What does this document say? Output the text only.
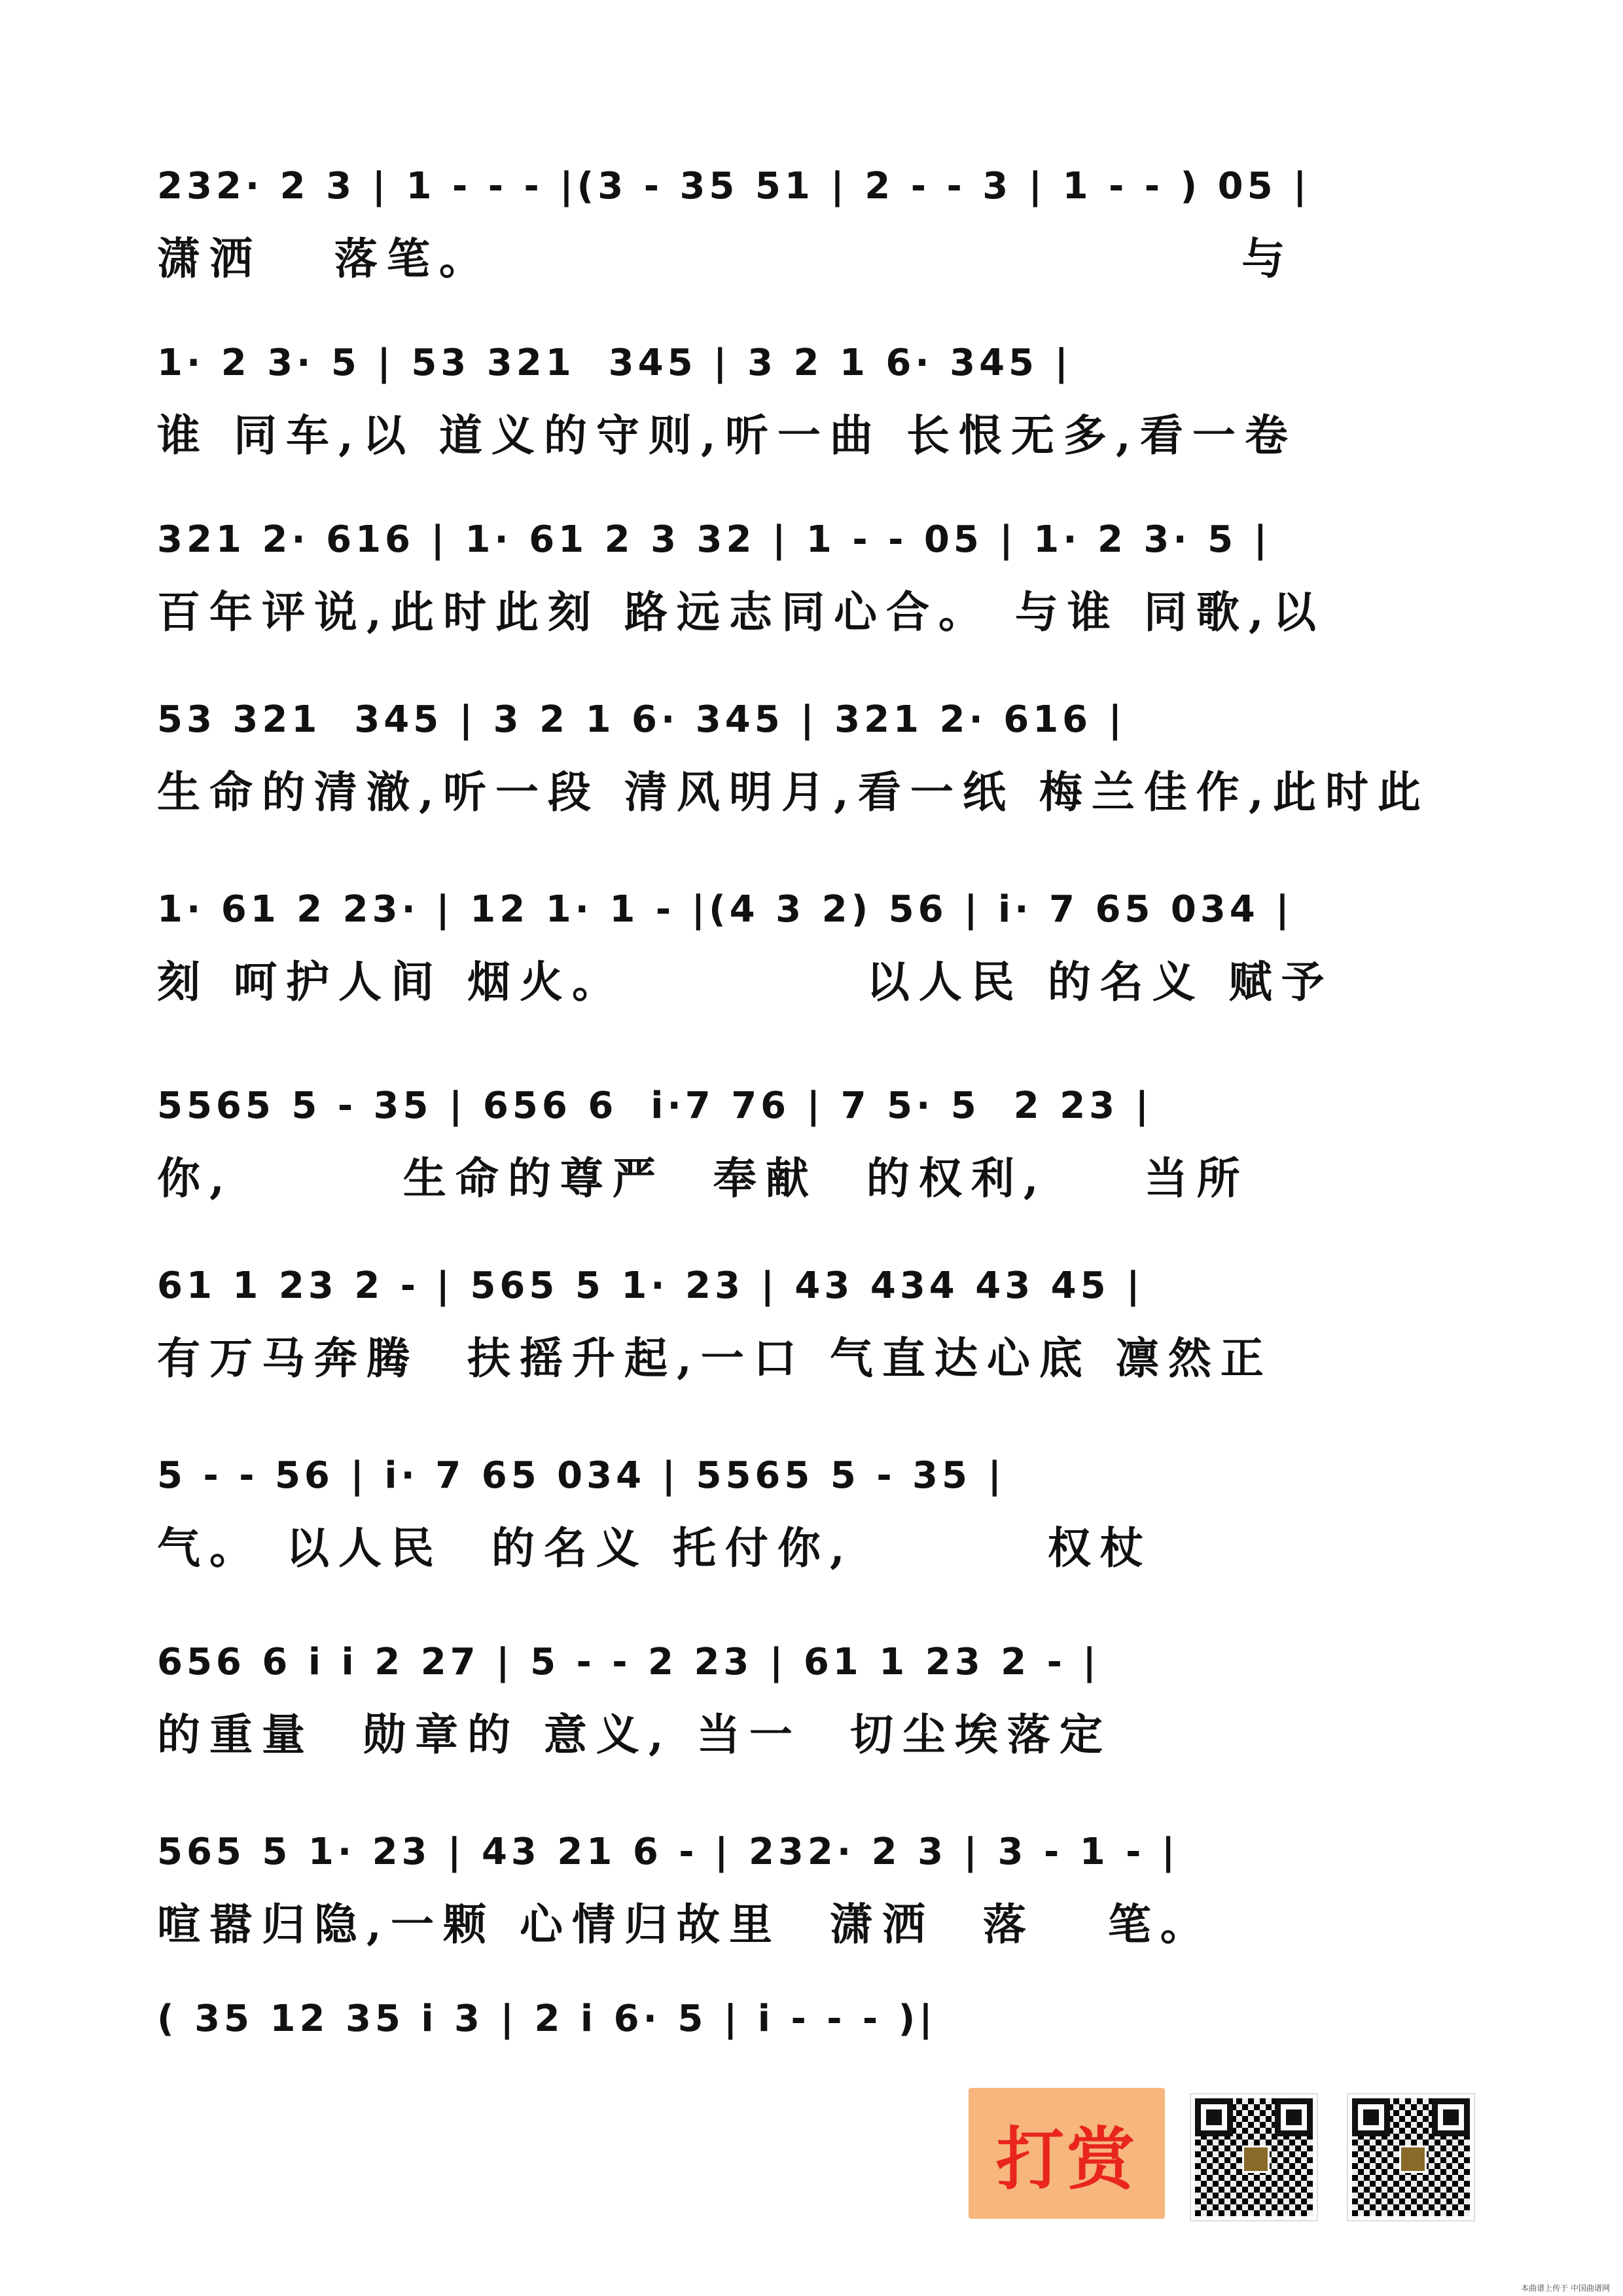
232· 2 3 | 1 - - - |(3 - 35 51 | 2 - - 3 | 1 - - ) 05 |
潇洒   落笔。                               与
1· 2 3· 5 | 53 321  345 | 3 2 1 6· 345 |
谁 同车,以 道义的守则,听一曲 长恨无多,看一卷
321 2· 616 | 1· 61 2 3 32 | 1 - - 05 | 1· 2 3· 5 |
百年评说,此时此刻 路远志同心合。 与谁 同歌,以
53 321  345 | 3 2 1 6· 345 | 321 2· 616 |
生命的清澈,听一段 清风明月,看一纸 梅兰佳作,此时此
1· 61 2 23· | 12 1· 1 - |(4 3 2) 56 | i· 7 65 034 |
刻 呵护人间 烟火。          以人民 的名义 赋予
5565 5 - 35 | 656 6  i·7 76 | 7 5· 5  2 23 |
你,       生命的尊严  奉献  的权利,    当所
61 1 23 2 - | 565 5 1· 23 | 43 434 43 45 |
有万马奔腾  扶摇升起,一口 气直达心底 凛然正
5 - - 56 | i· 7 65 034 | 5565 5 - 35 |
气。 以人民  的名义 托付你,        权杖
656 6 i i 2 27 | 5 - - 2 23 | 61 1 23 2 - |
的重量  勋章的 意义, 当一  切尘埃落定
565 5 1· 23 | 43 21 6 - | 232· 2 3 | 3 - 1 - |
喧嚣归隐,一颗 心情归故里  潇洒  落   笔。
( 35 12 35 i 3 | 2 i 6· 5 | i - - - )|
打赏
本曲谱上传于 中国曲谱网
